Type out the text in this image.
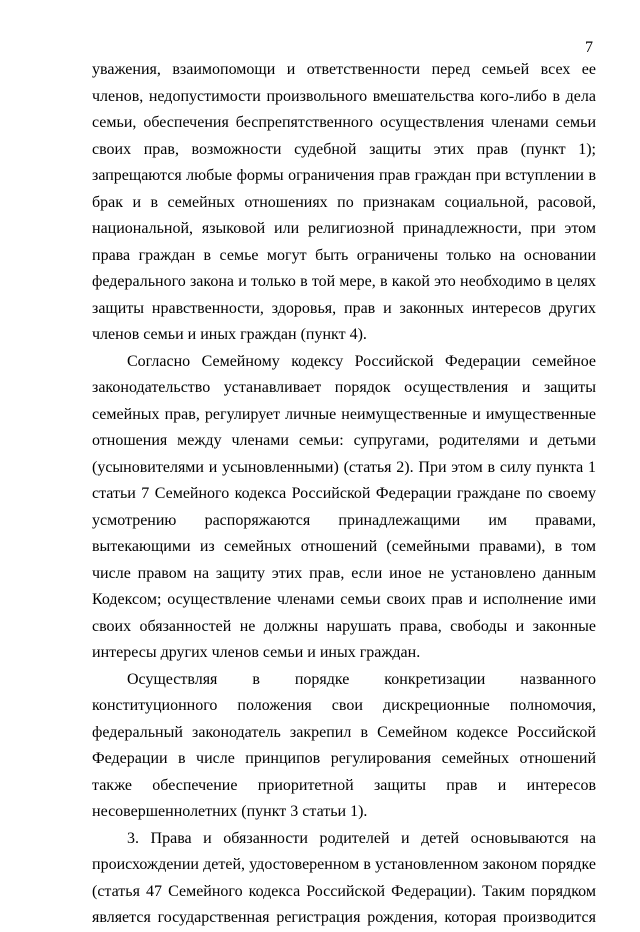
7

уважения, взаимопомощи и ответственности перед семьей всех ее членов, недопустимости произвольного вмешательства кого-либо в дела семьи, обеспечения беспрепятственного осуществления членами семьи своих прав, возможности судебной защиты этих прав (пункт 1); запрещаются любые формы ограничения прав граждан при вступлении в брак и в семейных отношениях по признакам социальной, расовой, национальной, языковой или религиозной принадлежности, при этом права граждан в семье могут быть ограничены только на основании федерального закона и только в той мере, в какой это необходимо в целях защиты нравственности, здоровья, прав и законных интересов других членов семьи и иных граждан (пункт 4).

Согласно Семейному кодексу Российской Федерации семейное законодательство устанавливает порядок осуществления и защиты семейных прав, регулирует личные неимущественные и имущественные отношения между членами семьи: супругами, родителями и детьми (усыновителями и усыновленными) (статья 2). При этом в силу пункта 1 статьи 7 Семейного кодекса Российской Федерации граждане по своему усмотрению распоряжаются принадлежащими им правами, вытекающими из семейных отношений (семейными правами), в том числе правом на защиту этих прав, если иное не установлено данным Кодексом; осуществление членами семьи своих прав и исполнение ими своих обязанностей не должны нарушать права, свободы и законные интересы других членов семьи и иных граждан.

Осуществляя в порядке конкретизации названного конституционного положения свои дискреционные полномочия, федеральный законодатель закрепил в Семейном кодексе Российской Федерации в числе принципов регулирования семейных отношений также обеспечение приоритетной защиты прав и интересов несовершеннолетних (пункт 3 статьи 1).

3. Права и обязанности родителей и детей основываются на происхождении детей, удостоверенном в установленном законом порядке (статья 47 Семейного кодекса Российской Федерации). Таким порядком является государственная регистрация рождения, которая производится
